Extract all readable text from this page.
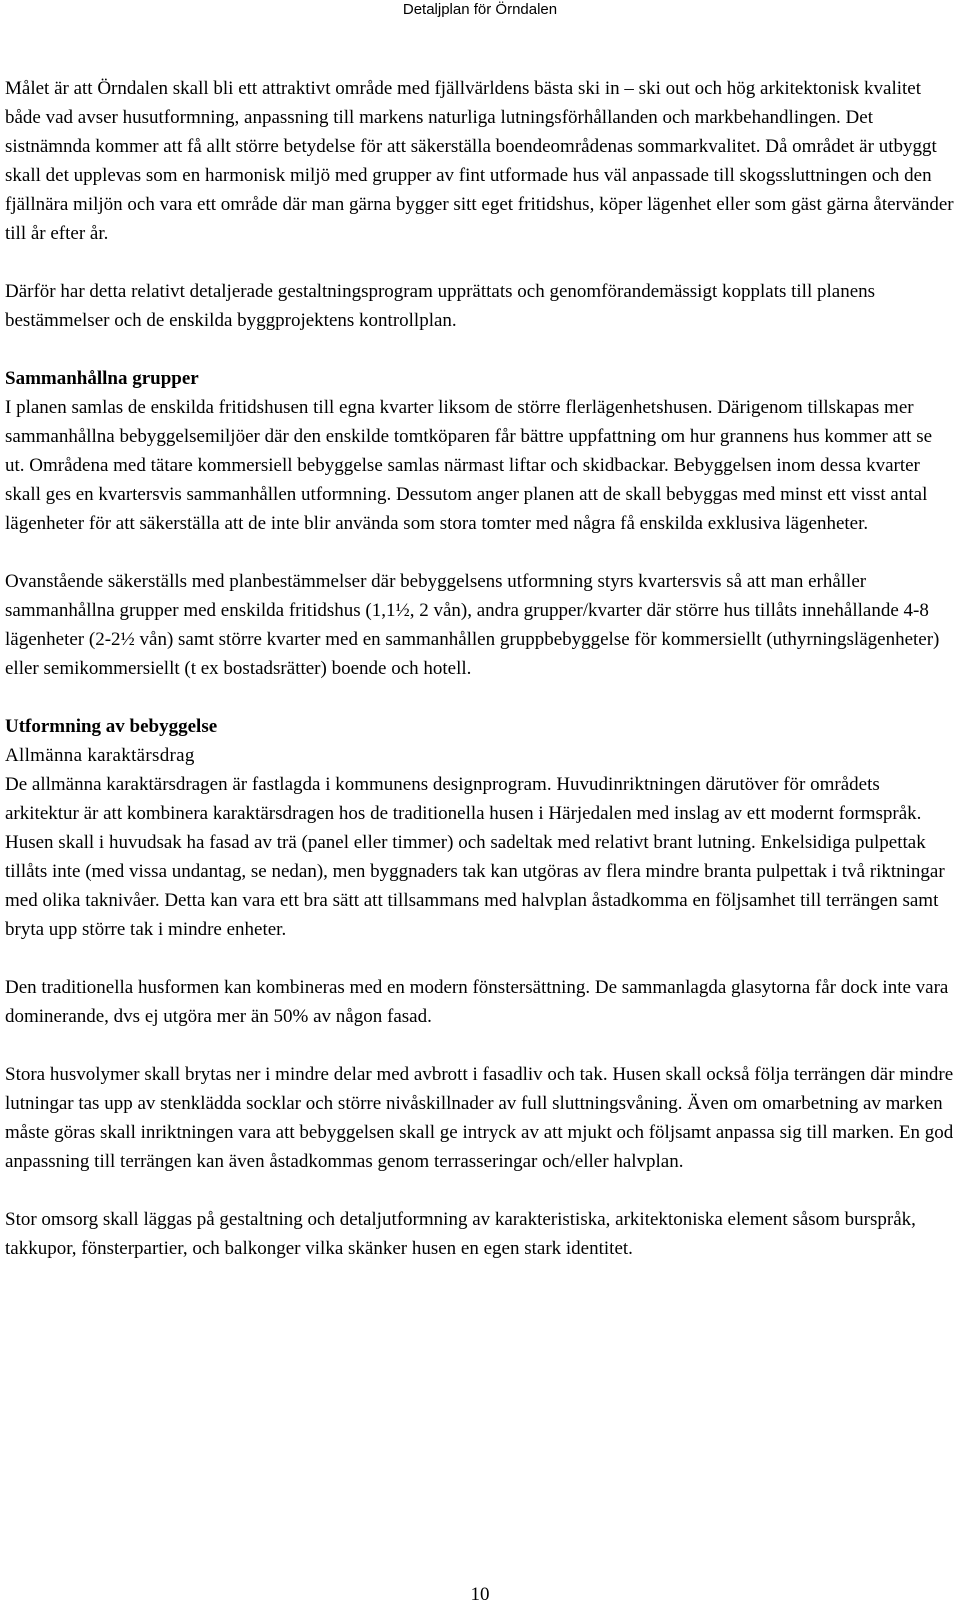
Detaljplan för Örndalen

Målet är att Örndalen skall bli ett attraktivt område med fjällvärldens bästa ski in – ski out och hög arkitektonisk kvalitet både vad avser husutformning, anpassning till markens naturliga lutningsförhållanden och markbehandlingen. Det sistnämnda kommer att få allt större betydelse för att säkerställa boendeområdenas sommarkvalitet. Då området är utbyggt skall det upplevas som en harmonisk miljö med grupper av fint utformade hus väl anpassade till skogssluttningen och den fjällnära miljön och vara ett område där man gärna bygger sitt eget fritidshus, köper lägenhet eller som gäst gärna återvänder till år efter år.

Därför har detta relativt detaljerade gestaltningsprogram upprättats och genomförandemässigt kopplats till planens bestämmelser och de enskilda byggprojektens kontrollplan.

Sammanhållna grupper

I planen samlas de enskilda fritidshusen till egna kvarter liksom de större flerlägenhetshusen. Därigenom tillskapas mer sammanhållna bebyggelsemiljöer där den enskilde tomtköparen får bättre uppfattning om hur grannens hus kommer att se ut. Områdena med tätare kommersiell bebyggelse samlas närmast liftar och skidbackar. Bebyggelsen inom dessa kvarter skall ges en kvartersvis sammanhållen utformning. Dessutom anger planen att de skall bebyggas med minst ett visst antal lägenheter för att säkerställa att de inte blir använda som stora tomter med några få enskilda exklusiva lägenheter.

Ovanstående säkerställs med planbestämmelser där bebyggelsens utformning styrs kvartersvis så att man erhåller sammanhållna grupper med enskilda fritidshus (1,1½, 2 vån), andra grupper/kvarter där större hus tillåts innehållande 4-8 lägenheter (2-2½ vån) samt större kvarter med en sammanhållen gruppbebyggelse för kommersiellt (uthyrningslägenheter) eller semikommersiellt (t ex bostadsrätter) boende och hotell.

Utformning av bebyggelse
Allmänna karaktärsdrag

De allmänna karaktärsdragen är fastlagda i kommunens designprogram. Huvudinriktningen därutöver för områdets arkitektur är att kombinera karaktärsdragen hos de traditionella husen i Härjedalen med inslag av ett modernt formspråk. Husen skall i huvudsak ha fasad av trä (panel eller timmer) och sadeltak med relativt brant lutning. Enkelsidiga pulpettak tillåts inte (med vissa undantag, se nedan), men byggnaders tak kan utgöras av flera mindre branta pulpettak i två riktningar med olika taknivåer. Detta kan vara ett bra sätt att tillsammans med halvplan åstadkomma en följsamhet till terrängen samt bryta upp större tak i mindre enheter.

Den traditionella husformen kan kombineras med en modern fönstersättning. De sammanlagda glasytorna får dock inte vara dominerande, dvs ej utgöra mer än 50% av någon fasad.

Stora husvolymer skall brytas ner i mindre delar med avbrott i fasadliv och tak. Husen skall också följa terrängen där mindre lutningar tas upp av stenklädda socklar och större nivåskillnader av full sluttningsvåning. Även om omarbetning av marken måste göras skall inriktningen vara att bebyggelsen skall ge intryck av att mjukt och följsamt anpassa sig till marken. En god anpassning till terrängen kan även åstadkommas genom terrasseringar och/eller halvplan.

Stor omsorg skall läggas på gestaltning och detaljutformning av karakteristiska, arkitektoniska element såsom burspråk, takkupor, fönsterpartier, och balkonger vilka skänker husen en egen stark identitet.

10
